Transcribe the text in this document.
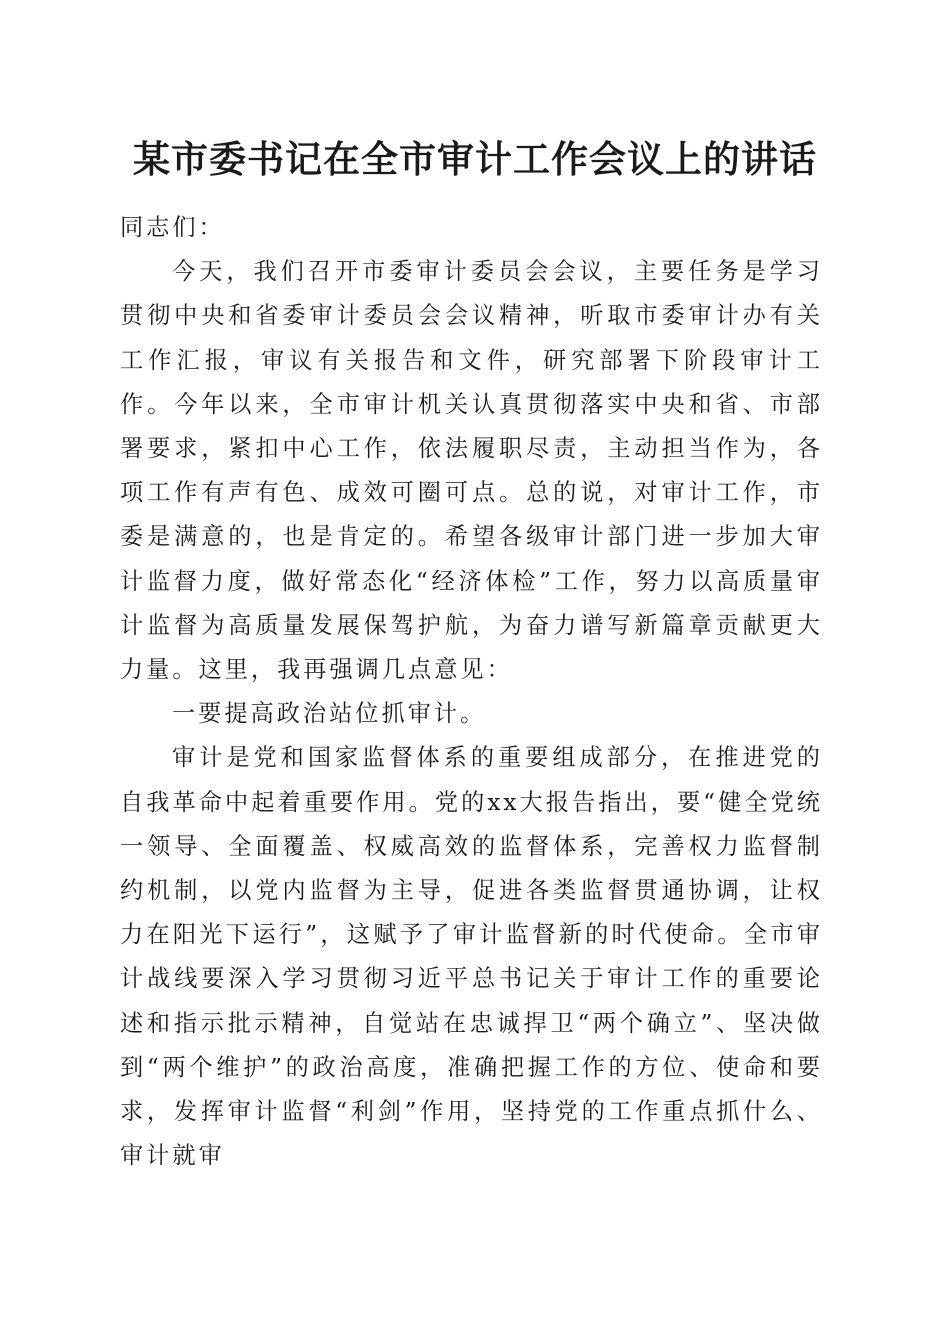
某市委书记在全市审计工作会议上的讲话

同志们：

今天，我们召开市委审计委员会会议，主要任务是学习贯彻中央和省委审计委员会会议精神，听取市委审计办有关工作汇报，审议有关报告和文件，研究部署下阶段审计工作。今年以来，全市审计机关认真贯彻落实中央和省、市部署要求，紧扣中心工作，依法履职尽责，主动担当作为，各项工作有声有色、成效可圈可点。总的说，对审计工作，市委是满意的，也是肯定的。希望各级审计部门进一步加大审计监督力度，做好常态化“经济体检”工作，努力以高质量审计监督为高质量发展保驾护航，为奋力谱写新篇章贡献更大力量。这里，我再强调几点意见：

一要提高政治站位抓审计。

审计是党和国家监督体系的重要组成部分，在推进党的自我革命中起着重要作用。党的xx大报告指出，要“健全党统一领导、全面覆盖、权威高效的监督体系，完善权力监督制约机制，以党内监督为主导，促进各类监督贯通协调，让权力在阳光下运行”，这赋予了审计监督新的时代使命。全市审计战线要深入学习贯彻习近平总书记关于审计工作的重要论述和指示批示精神，自觉站在忠诚捍卫“两个确立”、坚决做到“两个维护”的政治高度，准确把握工作的方位、使命和要求，发挥审计监督“利剑”作用，坚持党的工作重点抓什么、审计就审
